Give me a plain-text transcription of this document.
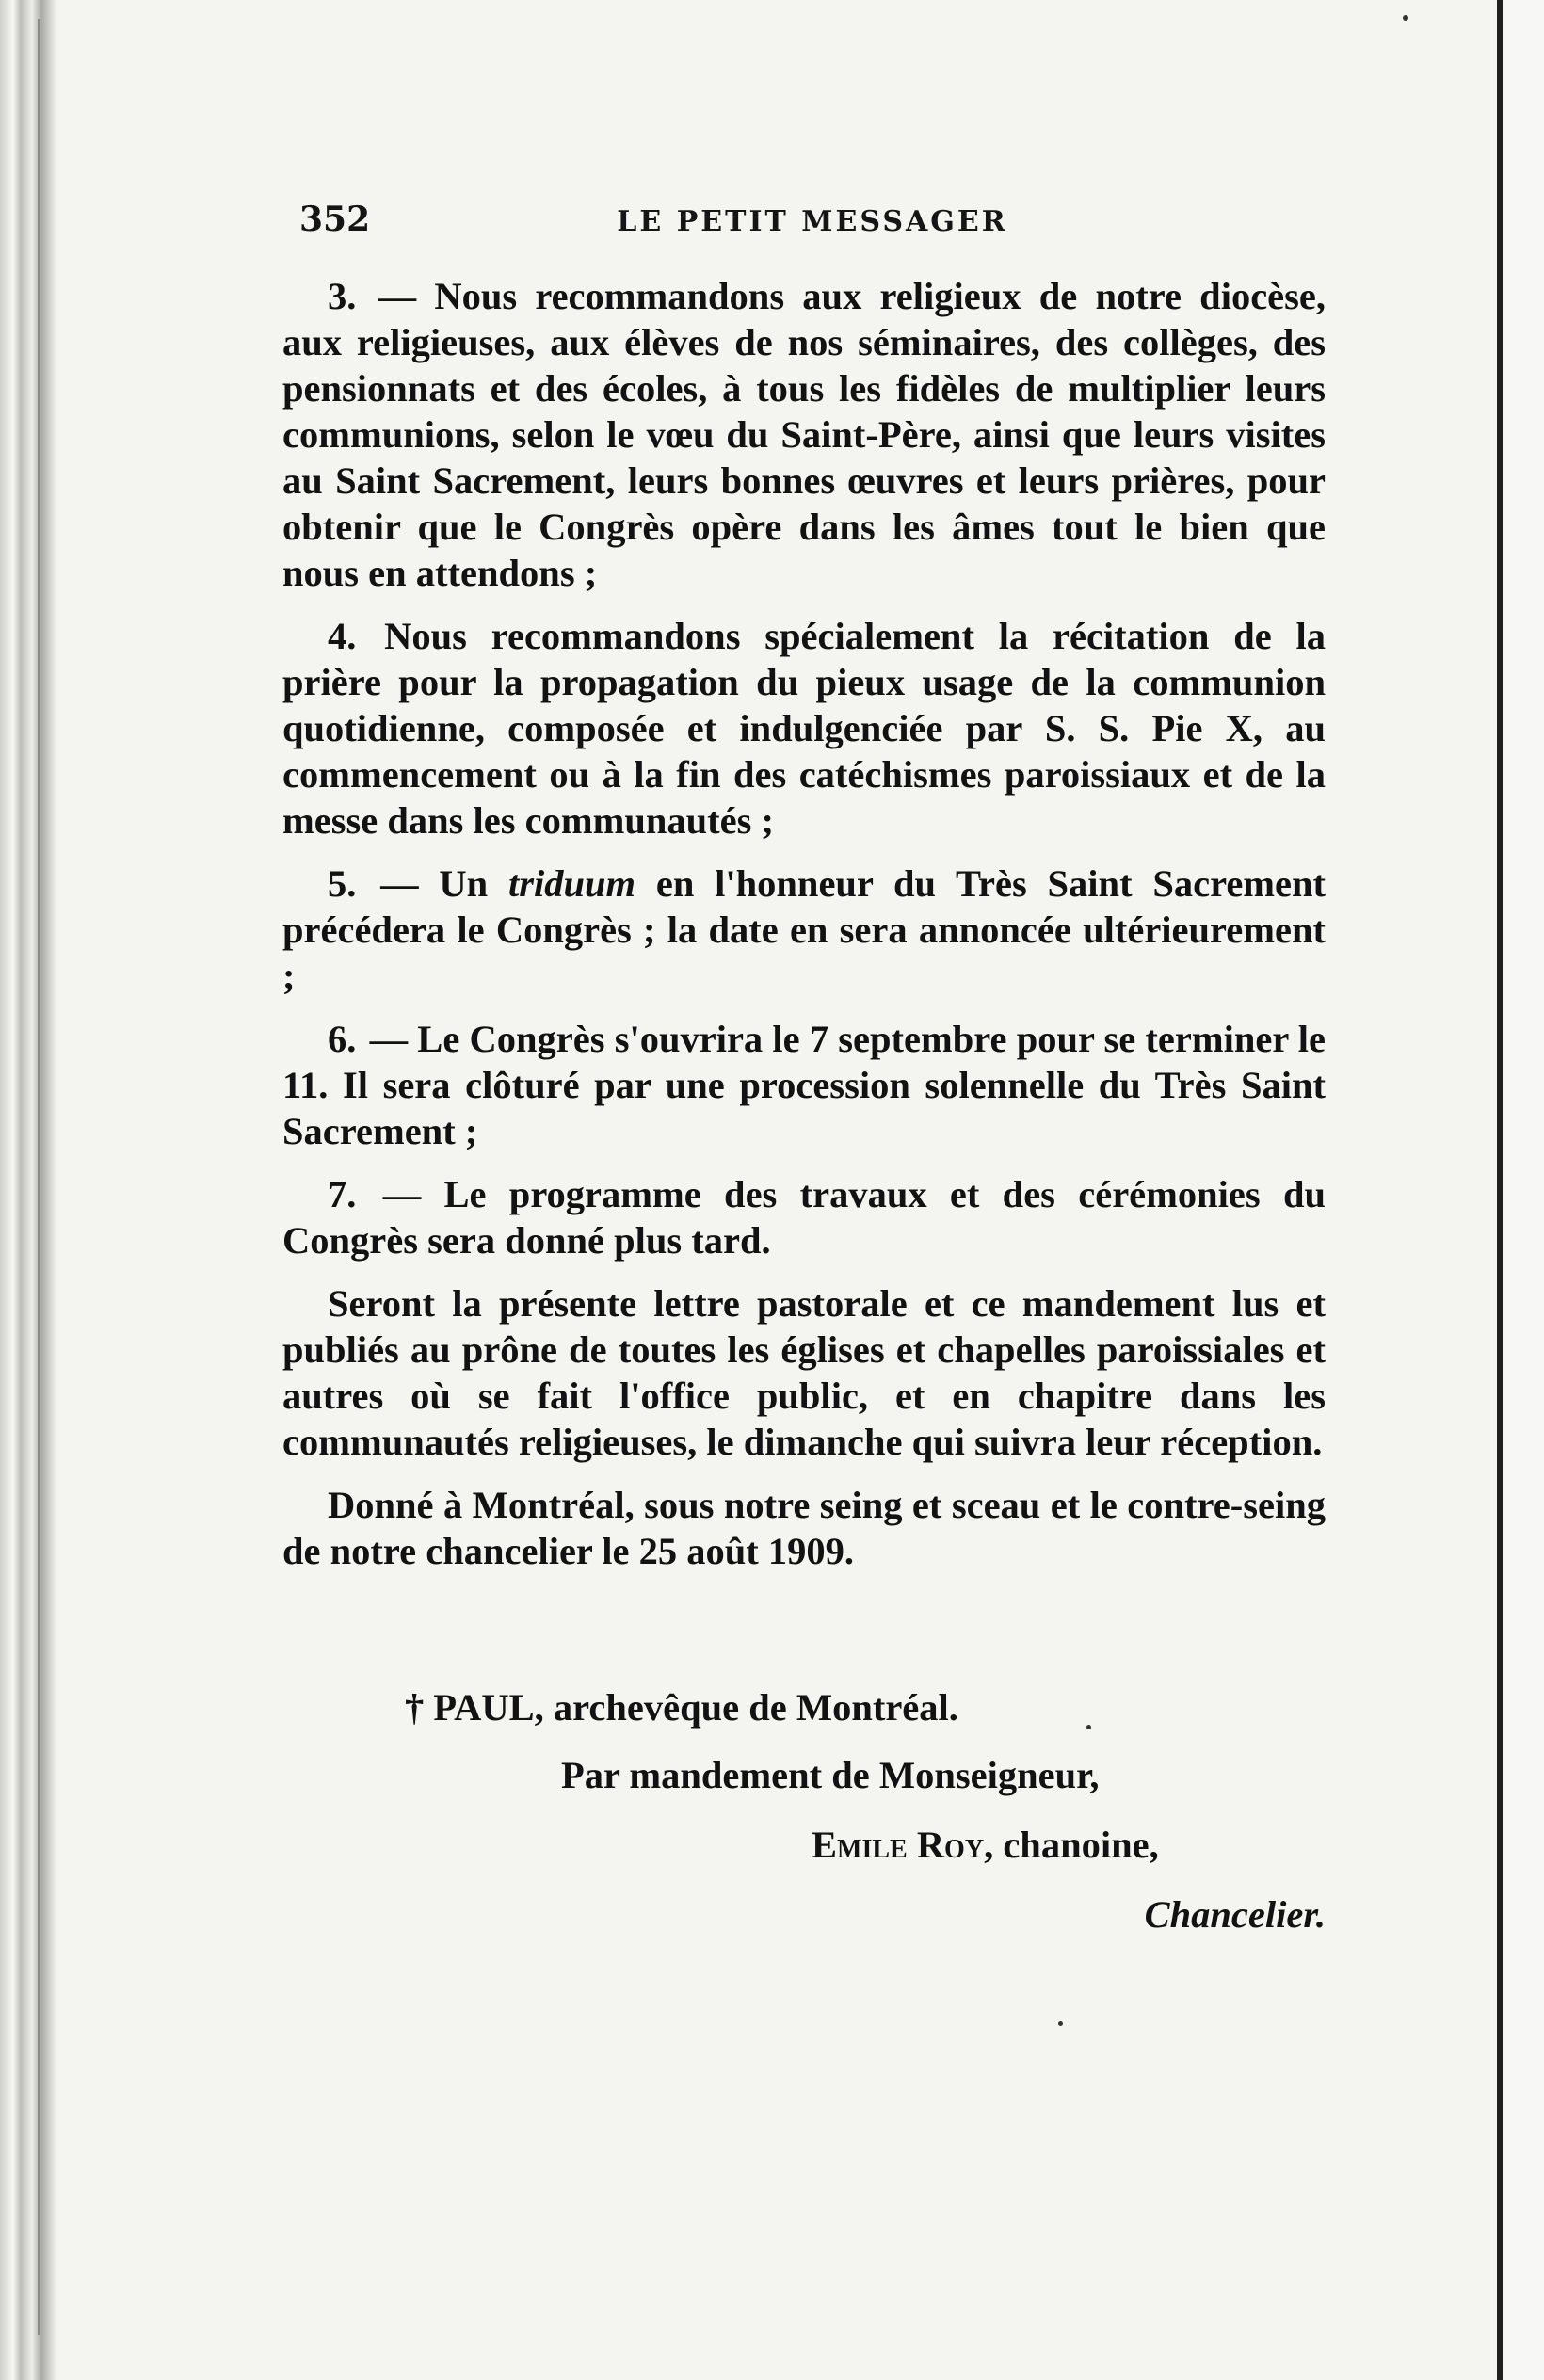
352	LE PETIT MESSAGER

3. — Nous recommandons aux religieux de notre diocèse, aux religieuses, aux élèves de nos séminaires, des collèges, des pensionnats et des écoles, à tous les fidèles de multiplier leurs communions, selon le vœu du Saint-Père, ainsi que leurs visites au Saint Sacrement, leurs bonnes œuvres et leurs prières, pour obtenir que le Congrès opère dans les âmes tout le bien que nous en attendons ;

4. Nous recommandons spécialement la récitation de la prière pour la propagation du pieux usage de la communion quotidienne, composée et indulgenciée par S. S. Pie X, au commencement ou à la fin des catéchismes paroissiaux et de la messe dans les communautés ;

5. — Un triduum en l'honneur du Très Saint Sacrement précédera le Congrès ; la date en sera annoncée ultérieurement ;

6. — Le Congrès s'ouvrira le 7 septembre pour se terminer le 11. Il sera clôturé par une procession solennelle du Très Saint Sacrement ;

7. — Le programme des travaux et des cérémonies du Congrès sera donné plus tard.

Seront la présente lettre pastorale et ce mandement lus et publiés au prône de toutes les églises et chapelles paroissiales et autres où se fait l'office public, et en chapitre dans les communautés religieuses, le dimanche qui suivra leur réception.

Donné à Montréal, sous notre seing et sceau et le contre-seing de notre chancelier le 25 août 1909.

† PAUL, archevêque de Montréal.
Par mandement de Monseigneur,
Emile Roy, chanoine,
Chancelier.
